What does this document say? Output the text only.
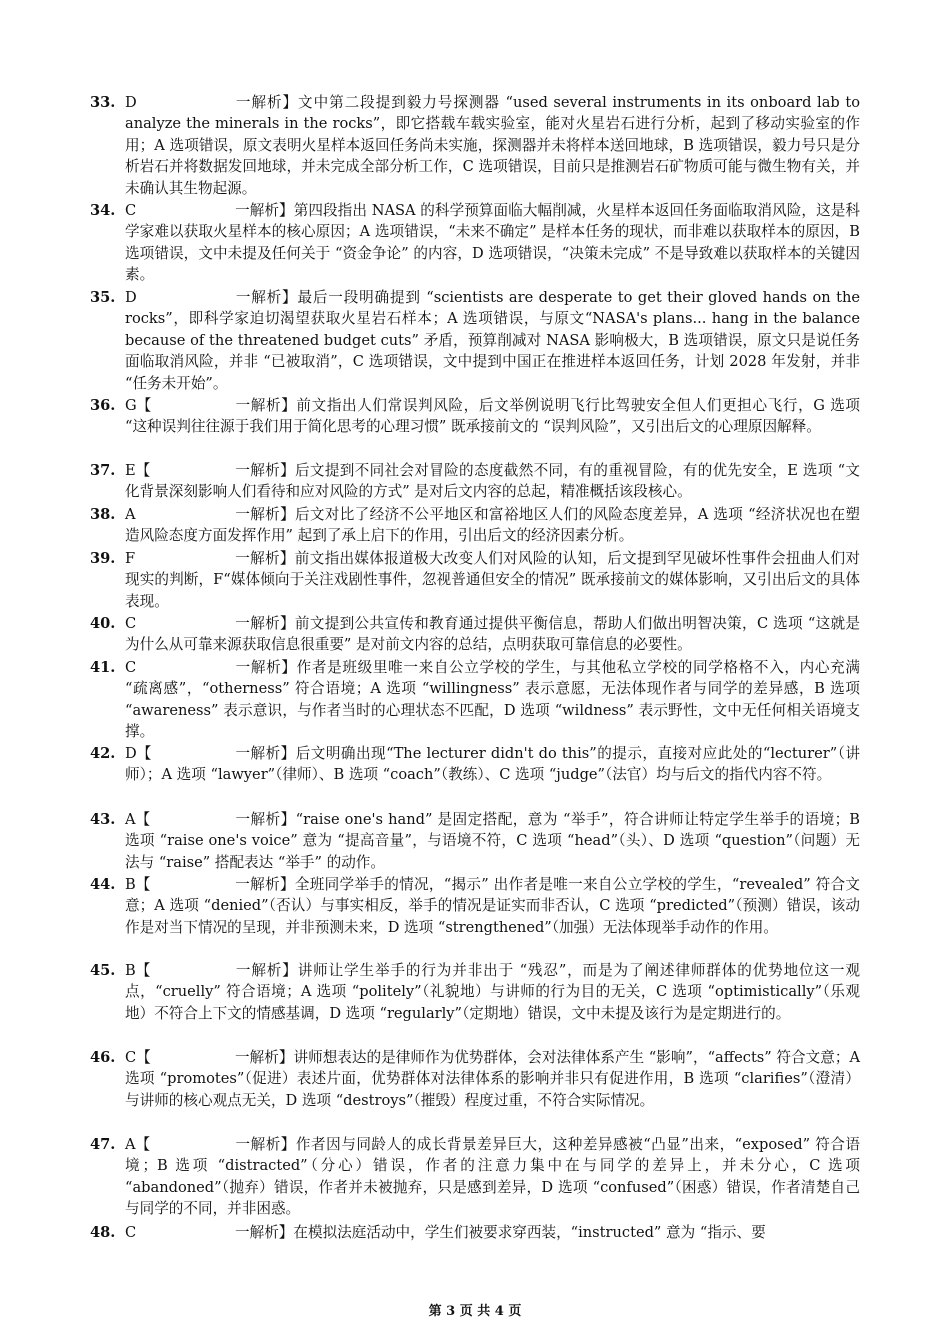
33. D	一解析】文中第二段提到毅力号探测器 “used several instruments in its onboard lab to analyze the minerals in the rocks”，即它搭载车载实验室，能对火星岩石进行分析，起到了移动实验室的作用；A 选项错误，原文表明火星样本返回任务尚未实施，探测器并未将样本送回地球，B 选项错误，毅力号只是分析岩石并将数据发回地球，并未完成全部分析工作，C 选项错误，目前只是推测岩石矿物质可能与微生物有关，并未确认其生物起源。
34. C	一解析】第四段指出 NASA 的科学预算面临大幅削减，火星样本返回任务面临取消风险，这是科学家难以获取火星样本的核心原因；A 选项错误，“未来不确定” 是样本任务的现状，而非难以获取样本的原因，B 选项错误，文中未提及任何关于 “资金争论” 的内容，D 选项错误，“决策未完成” 不是导致难以获取样本的关键因素。
35. D	一解析】最后一段明确提到 “scientists are desperate to get their gloved hands on the rocks”，即科学家迫切渴望获取火星岩石样本；A 选项错误，与原文“NASA's plans... hang in the balance because of the threatened budget cuts” 矛盾，预算削减对 NASA 影响极大，B 选项错误，原文只是说任务面临取消风险，并非 “已被取消”，C 选项错误，文中提到中国正在推进样本返回任务，计划 2028 年发射，并非 “任务未开始”。
36. G【	一解析】前文指出人们常误判风险，后文举例说明飞行比驾驶安全但人们更担心飞行，G 选项 “这种误判往往源于我们用于简化思考的心理习惯” 既承接前文的 “误判风险”，又引出后文的心理原因解释。
37. E【	一解析】后文提到不同社会对冒险的态度截然不同，有的重视冒险，有的优先安全，E 选项 “文化背景深刻影响人们看待和应对风险的方式” 是对后文内容的总起，精准概括该段核心。
38. A	一解析】后文对比了经济不公平地区和富裕地区人们的风险态度差异，A 选项 “经济状况也在塑造风险态度方面发挥作用” 起到了承上启下的作用，引出后文的经济因素分析。
39. F	一解析】前文指出媒体报道极大改变人们对风险的认知，后文提到罕见破坏性事件会扭曲人们对现实的判断，F“媒体倾向于关注戏剧性事件，忽视普通但安全的情况” 既承接前文的媒体影响，又引出后文的具体表现。
40. C	一解析】前文提到公共宣传和教育通过提供平衡信息，帮助人们做出明智决策，C 选项 “这就是为什么从可靠来源获取信息很重要” 是对前文内容的总结，点明获取可靠信息的必要性。
41. C	一解析】作者是班级里唯一来自公立学校的学生，与其他私立学校的同学格格不入，内心充满 “疏离感”，“otherness” 符合语境；A 选项 “willingness” 表示意愿，无法体现作者与同学的差异感，B 选项 “awareness” 表示意识，与作者当时的心理状态不匹配，D 选项 “wildness” 表示野性，文中无任何相关语境支撑。
42. D【	一解析】后文明确出现“The lecturer didn't do this”的提示，直接对应此处的“lecturer”（讲师）；A 选项 “lawyer”（律师）、B 选项 “coach”（教练）、C 选项 “judge”（法官）均与后文的指代内容不符。
43. A【	一解析】“raise one's hand” 是固定搭配，意为 “举手”，符合讲师让特定学生举手的语境；B 选项 “raise one's voice” 意为 “提高音量”，与语境不符，C 选项 “head”（头）、D 选项 “question”（问题）无法与 “raise” 搭配表达 “举手” 的动作。
44. B【	一解析】全班同学举手的情况，“揭示” 出作者是唯一来自公立学校的学生，“revealed” 符合文意；A 选项 “denied”（否认）与事实相反，举手的情况是证实而非否认，C 选项 “predicted”（预测）错误，该动作是对当下情况的呈现，并非预测未来，D 选项 “strengthened”（加强）无法体现举手动作的作用。
45. B【	一解析】讲师让学生举手的行为并非出于 “残忍”，而是为了阐述律师群体的优势地位这一观点，“cruelly” 符合语境；A 选项 “politely”（礼貌地）与讲师的行为目的无关，C 选项 “optimistically”（乐观地）不符合上下文的情感基调，D 选项 “regularly”（定期地）错误，文中未提及该行为是定期进行的。
46. C【	一解析】讲师想表达的是律师作为优势群体，会对法律体系产生 “影响”，“affects” 符合文意；A 选项 “promotes”（促进）表述片面，优势群体对法律体系的影响并非只有促进作用，B 选项 “clarifies”（澄清）与讲师的核心观点无关，D 选项 “destroys”（摧毁）程度过重，不符合实际情况。
47. A【	一解析】作者因与同龄人的成长背景差异巨大，这种差异感被“凸显”出来，“exposed” 符合语境；B 选项 “distracted”（分心）错误，作者的注意力集中在与同学的差异上，并未分心，C 选项 “abandoned”（抛弃）错误，作者并未被抛弃，只是感到差异，D 选项 “confused”（困惑）错误，作者清楚自己与同学的不同，并非困惑。
48. C	一解析】在模拟法庭活动中，学生们被要求穿西装，“instructed” 意为 “指示、要
第 3 页 共 4 页
